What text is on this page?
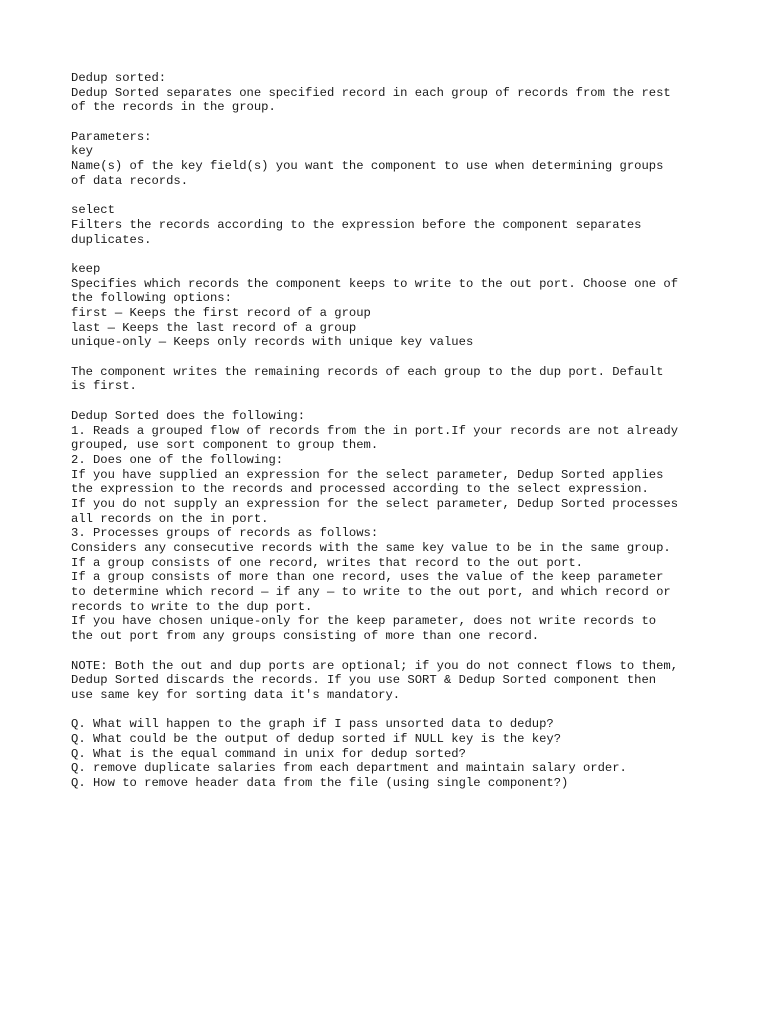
Dedup sorted:
Dedup Sorted separates one specified record in each group of records from the rest
of the records in the group.
Parameters:
key
Name(s) of the key field(s) you want the component to use when determining groups
of data records.
select
Filters the records according to the expression before the component separates
duplicates.
keep
Specifies which records the component keeps to write to the out port. Choose one of
the following options:
first — Keeps the first record of a group
last — Keeps the last record of a group
unique-only — Keeps only records with unique key values
The component writes the remaining records of each group to the dup port. Default
is first.
Dedup Sorted does the following:
1. Reads a grouped flow of records from the in port.If your records are not already
grouped, use sort component to group them.
2. Does one of the following:
If you have supplied an expression for the select parameter, Dedup Sorted applies
the expression to the records and processed according to the select expression.
If you do not supply an expression for the select parameter, Dedup Sorted processes
all records on the in port.
3. Processes groups of records as follows:
Considers any consecutive records with the same key value to be in the same group.
If a group consists of one record, writes that record to the out port.
If a group consists of more than one record, uses the value of the keep parameter
to determine which record — if any — to write to the out port, and which record or
records to write to the dup port.
If you have chosen unique-only for the keep parameter, does not write records to
the out port from any groups consisting of more than one record.
NOTE: Both the out and dup ports are optional; if you do not connect flows to them,
Dedup Sorted discards the records. If you use SORT & Dedup Sorted component then
use same key for sorting data it's mandatory.
Q. What will happen to the graph if I pass unsorted data to dedup?
Q. What could be the output of dedup sorted if NULL key is the key?
Q. What is the equal command in unix for dedup sorted?
Q. remove duplicate salaries from each department and maintain salary order.
Q. How to remove header data from the file (using single component?)
